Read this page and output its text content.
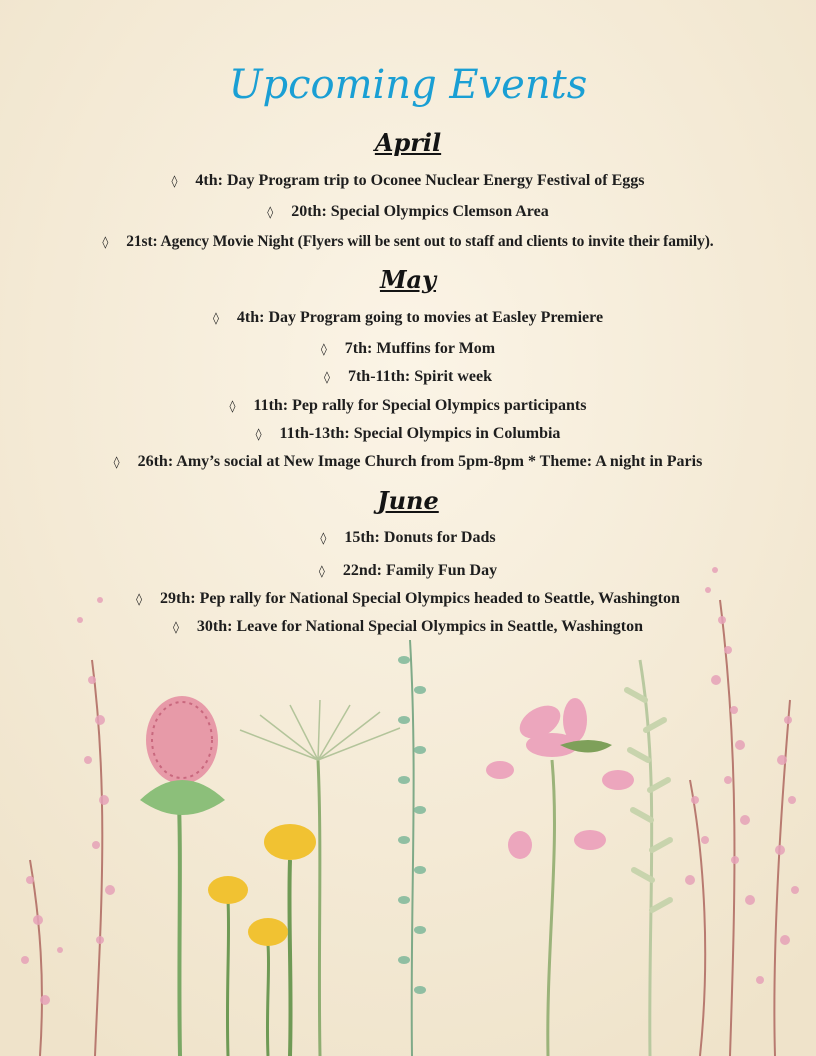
Upcoming Events
April
◊ 4th: Day Program trip to Oconee Nuclear Energy Festival of Eggs
◊ 20th: Special Olympics Clemson Area
◊ 21st: Agency Movie Night (Flyers will be sent out to staff and clients to invite their family).
May
◊ 4th: Day Program going to movies at Easley Premiere
◊ 7th: Muffins for Mom
◊ 7th-11th: Spirit week
◊ 11th: Pep rally for Special Olympics participants
◊ 11th-13th: Special Olympics in Columbia
◊ 26th: Amy’s social at New Image Church from 5pm-8pm * Theme: A night in Paris
June
◊ 15th: Donuts for Dads
◊ 22nd: Family Fun Day
◊ 29th: Pep rally for National Special Olympics headed to Seattle, Washington
◊ 30th: Leave for National Special Olympics in Seattle, Washington
